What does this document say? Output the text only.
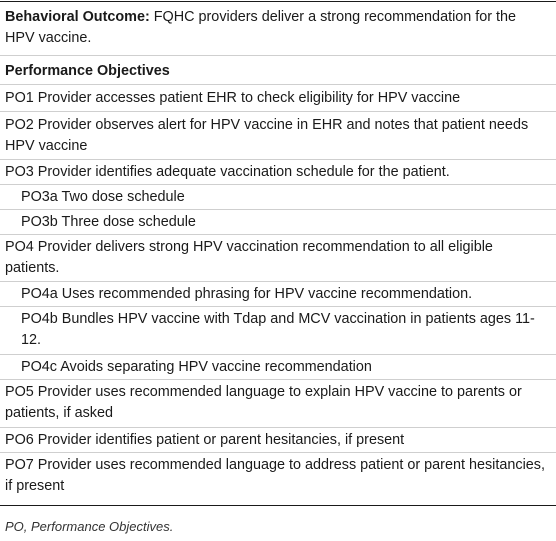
Behavioral Outcome: FQHC providers deliver a strong recommendation for the HPV vaccine.
Performance Objectives
PO1 Provider accesses patient EHR to check eligibility for HPV vaccine
PO2 Provider observes alert for HPV vaccine in EHR and notes that patient needs HPV vaccine
PO3 Provider identifies adequate vaccination schedule for the patient.
PO3a Two dose schedule
PO3b Three dose schedule
PO4 Provider delivers strong HPV vaccination recommendation to all eligible patients.
PO4a Uses recommended phrasing for HPV vaccine recommendation.
PO4b Bundles HPV vaccine with Tdap and MCV vaccination in patients ages 11-12.
PO4c Avoids separating HPV vaccine recommendation
PO5 Provider uses recommended language to explain HPV vaccine to parents or patients, if asked
PO6 Provider identifies patient or parent hesitancies, if present
PO7 Provider uses recommended language to address patient or parent hesitancies, if present
PO, Performance Objectives.
